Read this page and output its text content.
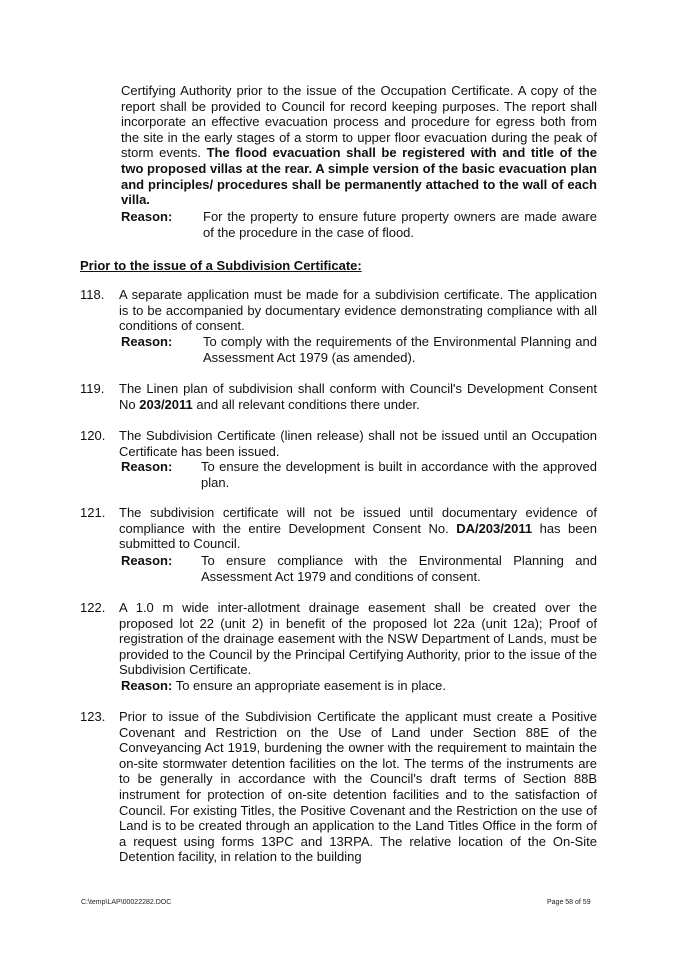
Certifying Authority prior to the issue of the Occupation Certificate. A copy of the report shall be provided to Council for record keeping purposes. The report shall incorporate an effective evacuation process and procedure for egress both from the site in the early stages of a storm to upper floor evacuation during the peak of storm events. The flood evacuation shall be registered with and title of the two proposed villas at the rear. A simple version of the basic evacuation plan and principles/ procedures shall be permanently attached to the wall of each villa.
Reason: For the property to ensure future property owners are made aware of the procedure in the case of flood.
Prior to the issue of a Subdivision Certificate:
118. A separate application must be made for a subdivision certificate. The application is to be accompanied by documentary evidence demonstrating compliance with all conditions of consent.
Reason: To comply with the requirements of the Environmental Planning and Assessment Act 1979 (as amended).
119. The Linen plan of subdivision shall conform with Council's Development Consent No 203/2011 and all relevant conditions there under.
120. The Subdivision Certificate (linen release) shall not be issued until an Occupation Certificate has been issued.
Reason: To ensure the development is built in accordance with the approved plan.
121. The subdivision certificate will not be issued until documentary evidence of compliance with the entire Development Consent No. DA/203/2011 has been submitted to Council.
Reason: To ensure compliance with the Environmental Planning and Assessment Act 1979 and conditions of consent.
122. A 1.0 m wide inter-allotment drainage easement shall be created over the proposed lot 22 (unit 2) in benefit of the proposed lot 22a (unit 12a); Proof of registration of the drainage easement with the NSW Department of Lands, must be provided to the Council by the Principal Certifying Authority, prior to the issue of the Subdivision Certificate.
Reason: To ensure an appropriate easement is in place.
123. Prior to issue of the Subdivision Certificate the applicant must create a Positive Covenant and Restriction on the Use of Land under Section 88E of the Conveyancing Act 1919, burdening the owner with the requirement to maintain the on-site stormwater detention facilities on the lot. The terms of the instruments are to be generally in accordance with the Council's draft terms of Section 88B instrument for protection of on-site detention facilities and to the satisfaction of Council. For existing Titles, the Positive Covenant and the Restriction on the use of Land is to be created through an application to the Land Titles Office in the form of a request using forms 13PC and 13RPA. The relative location of the On-Site Detention facility, in relation to the building
C:\temp\LAP\00022282.DOC	Page 58 of 59
